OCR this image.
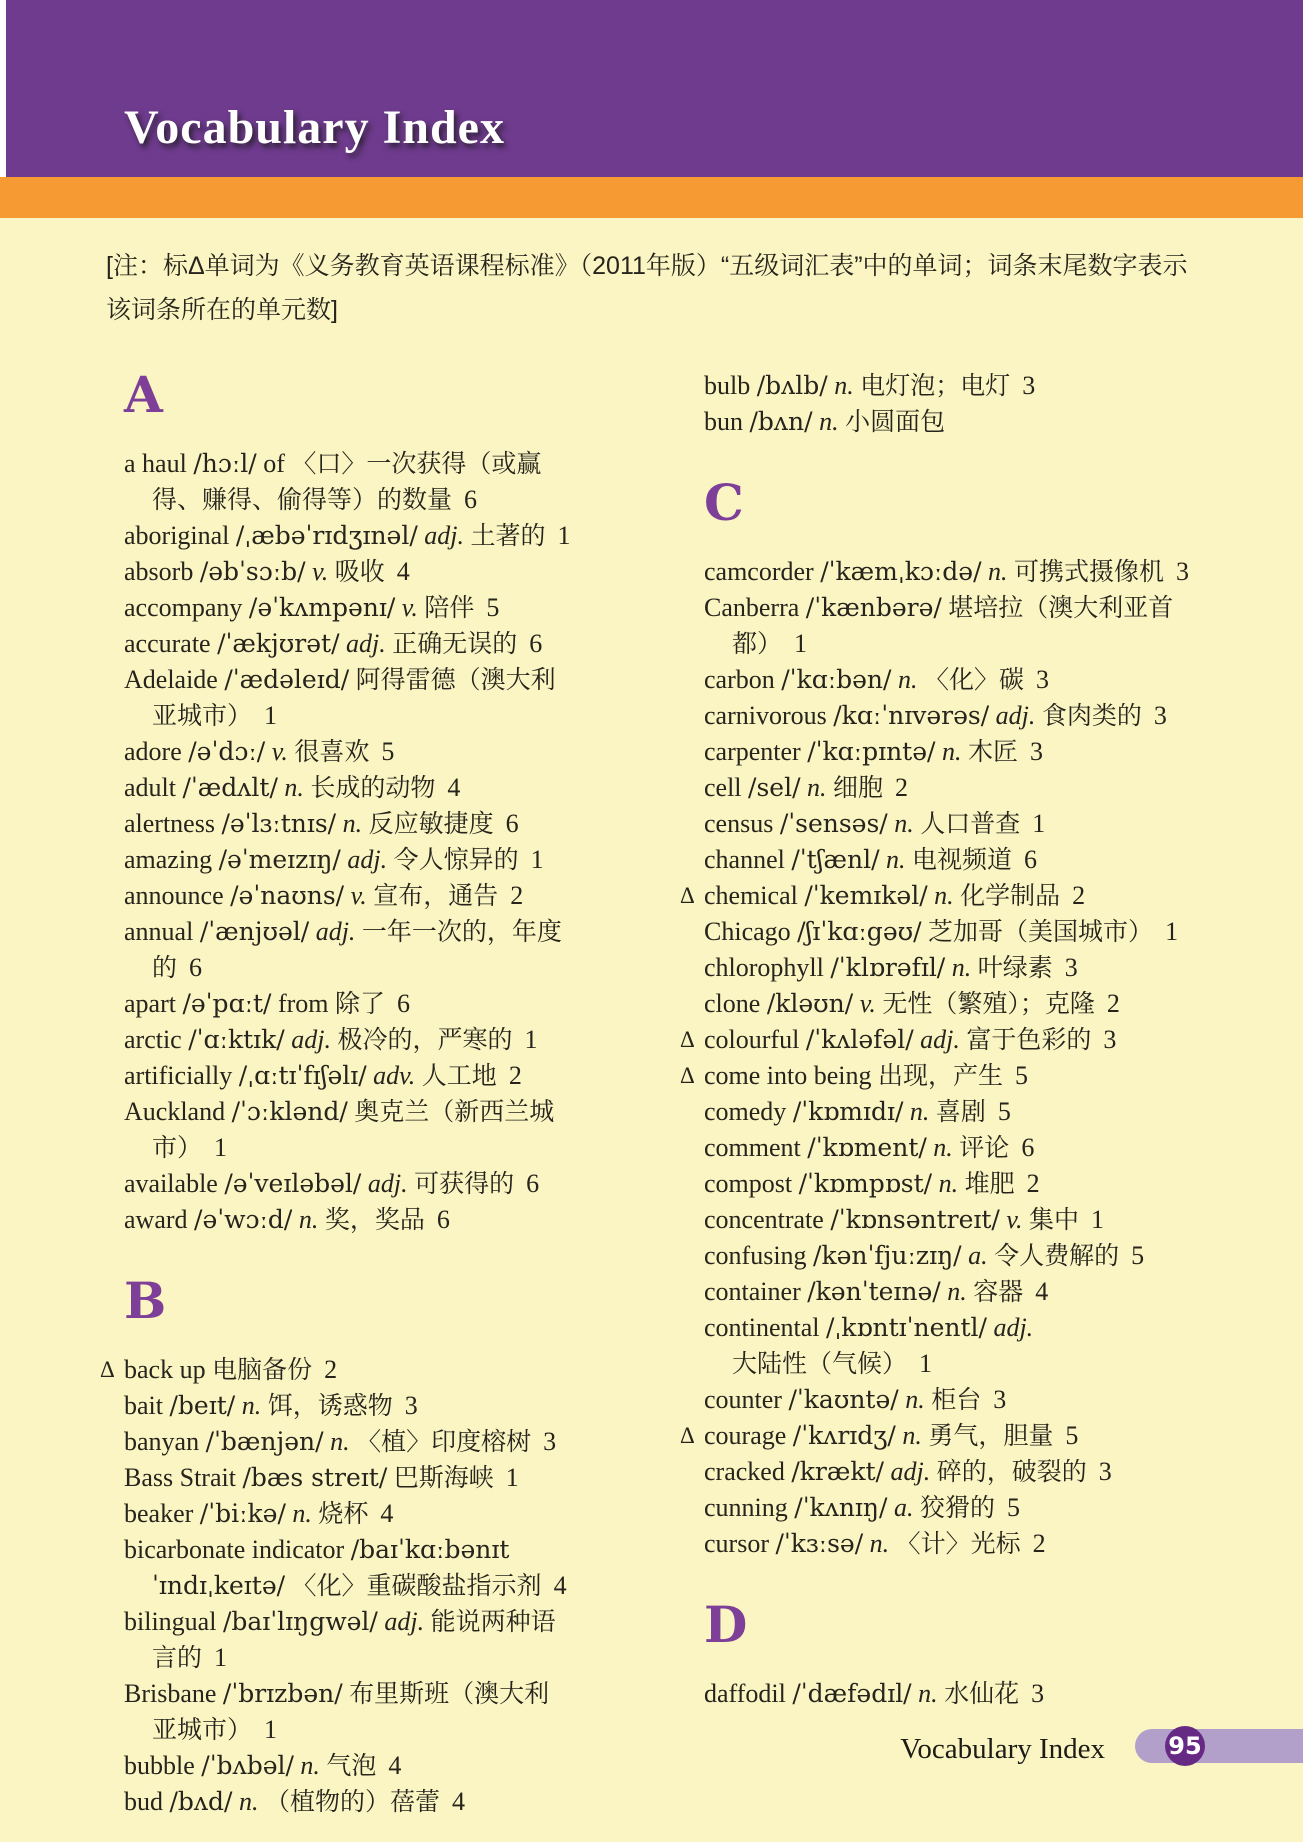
Vocabulary Index

[注：标Δ单词为《义务教育英语课程标准》（2011年版）“五级词汇表”中的单词；词条末尾数字表示该词条所在的单元数]

A
a haul /hɔːl/ of 〈口〉一次获得（或赢得、赚得、偷得等）的数量 6
aboriginal /ˌæbəˈrɪdʒɪnəl/ adj. 土著的 1
absorb /əbˈsɔːb/ v. 吸收 4
accompany /əˈkʌmpənɪ/ v. 陪伴 5
accurate /ˈækjʊrət/ adj. 正确无误的 6
Adelaide /ˈædəleɪd/ 阿得雷德（澳大利亚城市） 1
adore /əˈdɔː/ v. 很喜欢 5
adult /ˈædʌlt/ n. 长成的动物 4
alertness /əˈlɜːtnɪs/ n. 反应敏捷度 6
amazing /əˈmeɪzɪŋ/ adj. 令人惊异的 1
announce /əˈnaʊns/ v. 宣布，通告 2
annual /ˈænjʊəl/ adj. 一年一次的，年度的 6
apart /əˈpɑːt/ from 除了 6
arctic /ˈɑːktɪk/ adj. 极冷的，严寒的 1
artificially /ˌɑːtɪˈfɪʃəlɪ/ adv. 人工地 2
Auckland /ˈɔːklənd/ 奥克兰（新西兰城市） 1
available /əˈveɪləbəl/ adj. 可获得的 6
award /əˈwɔːd/ n. 奖，奖品 6
B
Δ back up 电脑备份 2
bait /beɪt/ n. 饵，诱惑物 3
banyan /ˈbænjən/ n. 〈植〉印度榕树 3
Bass Strait /bæs streɪt/ 巴斯海峡 1
beaker /ˈbiːkə/ n. 烧杯 4
bicarbonate indicator /baɪˈkɑːbənɪt ˈɪndɪˌkeɪtə/ 〈化〉重碳酸盐指示剂 4
bilingual /baɪˈlɪŋgwəl/ adj. 能说两种语言的 1
Brisbane /ˈbrɪzbən/ 布里斯班（澳大利亚城市） 1
bubble /ˈbʌbəl/ n. 气泡 4
bud /bʌd/ n. （植物的）蓓蕾 4
bulb /bʌlb/ n. 电灯泡；电灯 3
bun /bʌn/ n. 小圆面包
C
camcorder /ˈkæmˌkɔːdə/ n. 可携式摄像机 3
Canberra /ˈkænbərə/ 堪培拉（澳大利亚首都） 1
carbon /ˈkɑːbən/ n. 〈化〉碳 3
carnivorous /kɑːˈnɪvərəs/ adj. 食肉类的 3
carpenter /ˈkɑːpɪntə/ n. 木匠 3
cell /sel/ n. 细胞 2
census /ˈsensəs/ n. 人口普查 1
channel /ˈtʃænl/ n. 电视频道 6
Δ chemical /ˈkemɪkəl/ n. 化学制品 2
Chicago /ʃɪˈkɑːgəʊ/ 芝加哥（美国城市） 1
chlorophyll /ˈklɒrəfɪl/ n. 叶绿素 3
clone /kləʊn/ v. 无性（繁殖）；克隆 2
Δ colourful /ˈkʌləfəl/ adj. 富于色彩的 3
Δ come into being 出现，产生 5
comedy /ˈkɒmɪdɪ/ n. 喜剧 5
comment /ˈkɒment/ n. 评论 6
compost /ˈkɒmpɒst/ n. 堆肥 2
concentrate /ˈkɒnsəntreɪt/ v. 集中 1
confusing /kənˈfjuːzɪŋ/ a. 令人费解的 5
container /kənˈteɪnə/ n. 容器 4
continental /ˌkɒntɪˈnentl/ adj. 大陆性（气候） 1
counter /ˈkaʊntə/ n. 柜台 3
Δ courage /ˈkʌrɪdʒ/ n. 勇气，胆量 5
cracked /krækt/ adj. 碎的，破裂的 3
cunning /ˈkʌnɪŋ/ a. 狡猾的 5
cursor /ˈkɜːsə/ n. 〈计〉光标 2
D
daffodil /ˈdæfədɪl/ n. 水仙花 3
Vocabulary Index	95
